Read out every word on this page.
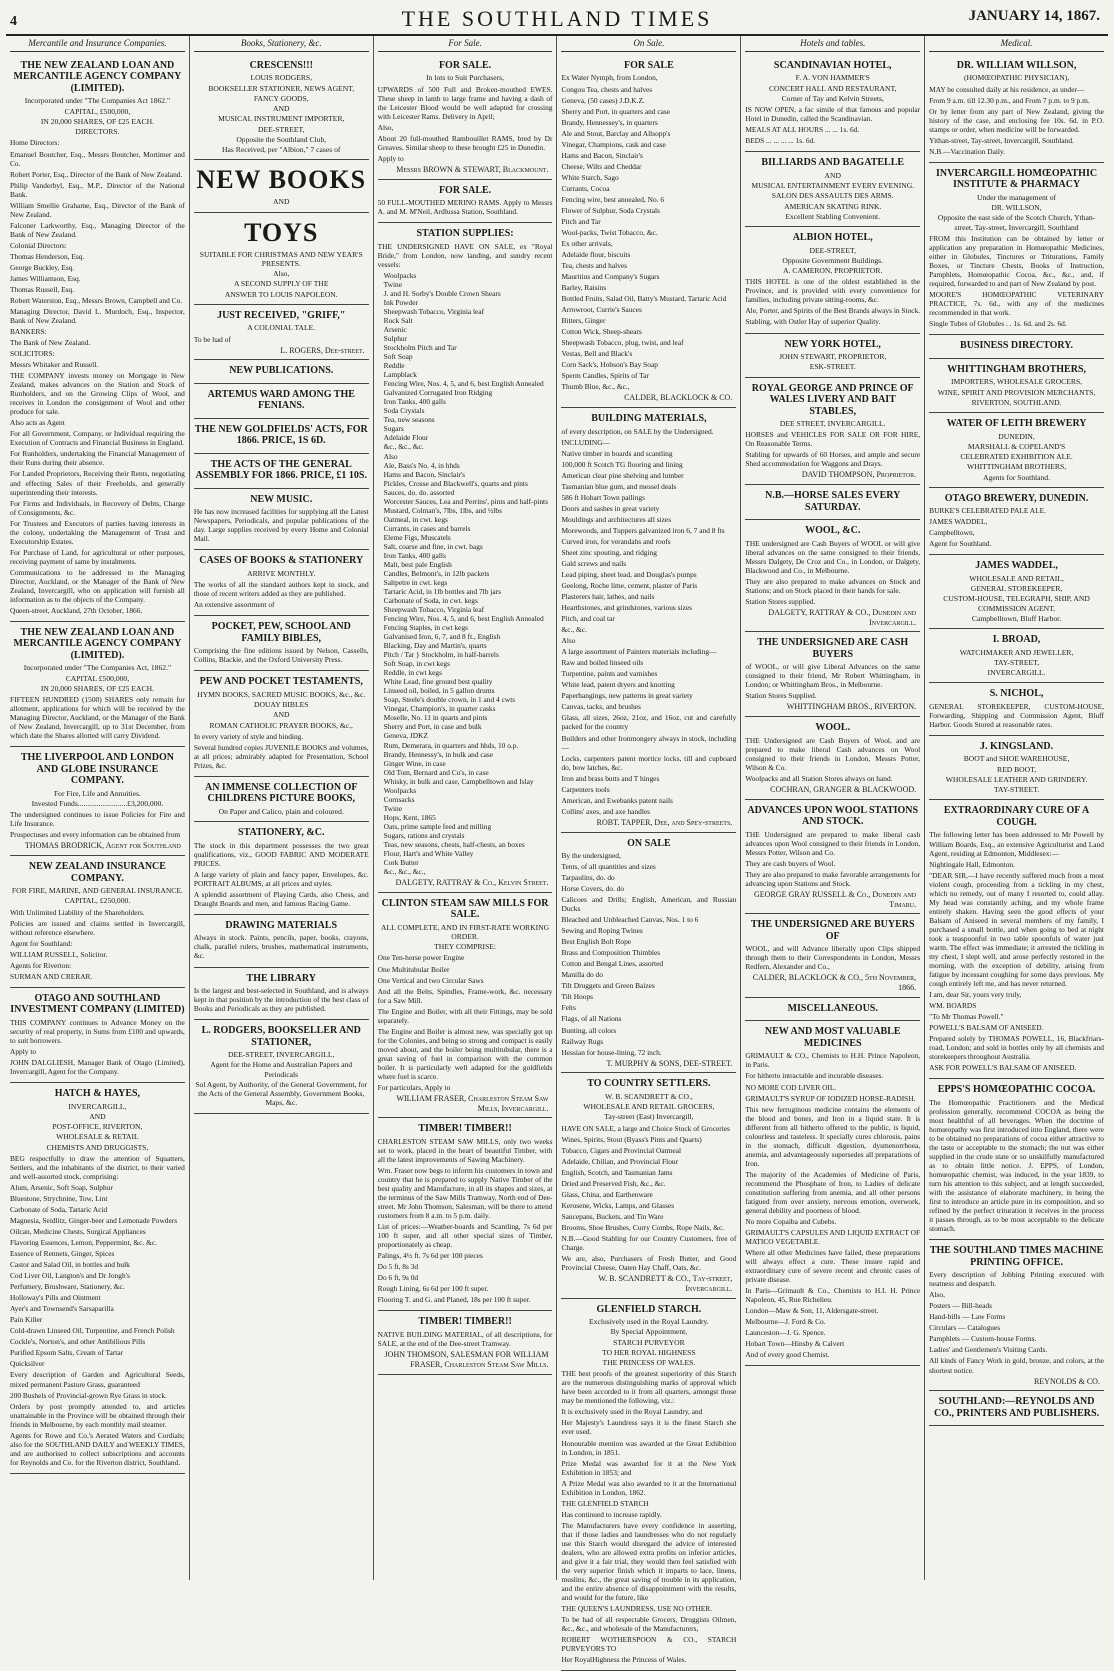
4	THE SOUTHLAND TIMES	JANUARY 14, 1867.
Mercantile and Insurance Companies.
THE NEW ZEALAND LOAN AND MERCANTILE AGENCY COMPANY (LIMITED).
Incorporated under "The Companies Act 1862."
CAPITAL, £500,000,
IN 20,000 SHARES, OF £25 EACH.
DIRECTORS.

Home Directors:

Emanuel Boutcher, Esq., Messrs Boutcher, Mortimer and Co.

Robert Porter, Esq., Director of the Bank of New Zealand.

Philip Vanderbyl, Esq., M.P., Director of the National Bank.

William Smellie Grahame, Esq., Director of the Bank of New Zealand.

Falconer Larkworthy, Esq., Managing Director of the Bank of New Zealand.

Colonial Directors:

Thomas Henderson, Esq.

George Buckley, Esq.

James Williamson, Esq.

Thomas Russell, Esq.

Robert Waterston, Esq., Messrs Brown, Campbell and Co.

Managing Director, David L. Murdoch, Esq., Inspector, Bank of New Zealand.

BANKERS:

The Bank of New Zealand.

SOLICITORS:

Messrs Whitaker and Russell.

THE COMPANY invests money on Mortgage in New Zealand, makes advances on the Station and Stock of Runholders, and on the Growing Clips of Wool, and receives in London the consignment of Wool and other produce for sale.

Also acts as Agent

For all Government, Company, or Individual requiring the Execution of Contracts and Financial Business in England.

For Runholders, undertaking the Financial Management of their Runs during their absence.

For Landed Proprietors, Receiving their Rents, negotiating and effecting Sales of their Freeholds, and generally superintending their interests.

For Firms and Individuals, in Recovery of Debts, Charge of Consignments, &c.

For Trustees and Executors of parties having interests in the colony, undertaking the Management of Trust and Executorship Estates.

For Purchase of Land, for agricultural or other purposes, receiving payment of same by instalments.

Communications to be addressed to the Managing Director, Auckland, or the Manager of the Bank of New Zealand, Invercargill, who on application will furnish all information as to the objects of the Company.

Queen-street, Auckland, 27th October, 1866.

THE NEW ZEALAND LOAN AND MERCANTILE AGENCY COMPANY (LIMITED).
Incorporated under "The Companies Act, 1862."
CAPITAL £500,000,
IN 20,000 SHARES, OF £25 EACH.

FIFTEEN HUNDRED (1500) SHARES only remain for allotment, applications for which will be received by the Managing Director, Auckland, or the Manager of the Bank of New Zealand, Invercargill, up to 31st December, from which date the Shares allotted will carry Dividend.

THE LIVERPOOL AND LONDON AND GLOBE INSURANCE COMPANY.
For Fire, Life and Annuities.
Invested Funds..........................£3,200,000.

The undersigned continues to issue Policies for Fire and Life Insurance.

Prospectuses and every information can be obtained from

THOMAS BRODRICK, Agent for Southland
NEW ZEALAND INSURANCE COMPANY.
FOR FIRE, MARINE, AND GENERAL INSURANCE.
CAPITAL, £250,000.

With Unlimited Liability of the Shareholders.

Policies are issued and claims settled in Invercargill, without reference elsewhere.

Agent for Southland:

WILLIAM RUSSELL, Solicitor.

Agents for Riverton:

SURMAN AND CRERAR.

OTAGO AND SOUTHLAND INVESTMENT COMPANY (LIMITED)

THIS COMPANY continues to Advance Money on the security of real property, in Sums from £100 and upwards, to suit borrowers.

Apply to

JOHN DALGLIESH, Manager Bank of Otago (Limited), Invercargill, Agent for the Company.

HATCH & HAYES,
INVERCARGILL,
AND
POST-OFFICE, RIVERTON,
WHOLESALE & RETAIL
CHEMISTS AND DRUGGISTS,

BEG respectfully to draw the attention of Squatters, Settlers, and the inhabitants of the district, to their varied and well-assorted stock, comprising:

Alum, Arsenic, Soft Soap, Sulphur

Bluestone, Strychnine, Tow, Lint

Carbonate of Soda, Tartaric Acid

Magnesia, Seidlitz, Ginger-beer and Lemonade Powders

Oilcan, Medicine Chests, Surgical Appliances

Flavoring Essences, Lemon, Peppermint, &c. &c.

Essence of Rennets, Ginger, Spices

Castor and Salad Oil, in bottles and bulk

Cod Liver Oil, Langton's and Dr Jongh's

Perfumery, Brushware, Stationery, &c.

Holloway's Pills and Ointment

Ayer's and Townsend's Sarsaparilla

Pain Killer

Cold-drawn Linseed Oil, Turpentine, and French Polish

Cockle's, Norton's, and other Antibilious Pills

Purified Epsom Salts, Cream of Tartar

Quicksilver

Every description of Garden and Agricultural Seeds, mixed permanent Pasture Grass, guaranteed

200 Bushels of Provincial-grown Rye Grass in stock.

Orders by post promptly attended to, and articles unattainable in the Province will be obtained through their friends in Melbourne, by each monthly mail steamer.

Agents for Rowe and Co.'s Aerated Waters and Cordials; also for the SOUTHLAND DAILY and WEEKLY TIMES, and are authorised to collect subscriptions and accounts for Reynolds and Co. for the Riverton district, Southland.

Books, Stationery, &c.
CRESCENS!!!
LOUIS RODGERS,
BOOKSELLER STATIONER, NEWS AGENT,
FANCY GOODS,
AND
MUSICAL INSTRUMENT IMPORTER,
DEE-STREET,
Opposite the Southland Club,
Has Received, per "Albion," 7 cases of
NEW BOOKS
AND
TOYS
SUITABLE FOR CHRISTMAS AND NEW YEAR'S PRESENTS.
Also,
A SECOND SUPPLY OF THE
ANSWER TO LOUIS NAPOLEON.
JUST RECEIVED, "GRIFF,"
A COLONIAL TALE.

To be had of

L. ROGERS, Dee-street.
NEW PUBLICATIONS.
ARTEMUS WARD AMONG THE FENIANS.
THE NEW GOLDFIELDS' ACTS, FOR 1866. PRICE, 1S 6D.
THE ACTS OF THE GENERAL ASSEMBLY FOR 1866. PRICE, £1 10S.
NEW MUSIC.

He has now increased facilities for supplying all the Latest Newspapers, Periodicals, and popular publications of the day. Large supplies received by every Home and Colonial Mail.

CASES OF BOOKS & STATIONERY
ARRIVE MONTHLY.

The works of all the standard authors kept in stock, and those of recent writers added as they are published.

An extensive assortment of

POCKET, PEW, SCHOOL AND FAMILY BIBLES,

Comprising the fine editions issued by Nelson, Cassells, Collins, Blackie, and the Oxford University Press.

PEW AND POCKET TESTAMENTS,
HYMN BOOKS, SACRED MUSIC BOOKS, &c., &c.
DOUAY BIBLES
AND
ROMAN CATHOLIC PRAYER BOOKS, &c.,

In every variety of style and binding.

Several hundred copies JUVENILE BOOKS and volumes, at all prices; admirably adapted for Presentation, School Prizes, &c.

AN IMMENSE COLLECTION OF CHILDRENS PICTURE BOOKS,
On Paper and Calico, plain and coloured.
STATIONERY, &C.

The stock in this department possesses the two great qualifications, viz., GOOD FABRIC AND MODERATE PRICES.

A large variety of plain and fancy paper, Envelopes, &c. PORTRAIT ALBUMS, at all prices and styles.

A splendid assortment of Playing Cards, also Chess, and Draught Boards and men, and famous Racing Game.

DRAWING MATERIALS

Always in stock. Paints, pencils, paper, books, crayons, chalk, parallel rulers, brushes, mathematical instruments, &c.

THE LIBRARY

Is the largest and best-selected in Southland, and is always kept in that position by the introduction of the best class of Books and Periodicals as they are published.

L. RODGERS, BOOKSELLER AND STATIONER,
DEE-STREET, INVERCARGILL,
Agent for the Home and Australian Papers and Periodicals
Sol Agent, by Authority, of the General Government, for the Acts of the General Assembly, Government Books, Maps, &c.
For Sale.
FOR SALE.
In lots to Suit Purchasers,

UPWARDS of 500 Full and Broken-mouthed EWES. These sheep in lamb to large frame and having a dash of the Leicester Blood would be well adapted for crossing with Leicester Rams. Delivery in April;

Also,

About 20 full-mouthed Rambouillet RAMS, bred by Dr Greaves. Similar sheep to these brought £25 in Dunedin.

Apply to

Messrs BROWN & STEWART, Blackmount.
FOR SALE.

50 FULL-MOUTHED MERINO RAMS. Apply to Messrs A. and M. M'Neil, Ardlussa Station, Southland.

STATION SUPPLIES:

THE UNDERSIGNED HAVE ON SALE, ex "Royal Bride," from London, now landing, and sundry recent vessels:

Woolpacks
Twine
J. and H. Sorby's Double Crown Shears
Ink Powder
Sheepwash Tobacco, Virginia leaf
Rock Salt
Arsenic
Sulphur
Stockholm Pitch and Tar
Soft Soap
Reddle
Lampblack
Fencing Wire, Nos. 4, 5, and 6, best English Annealed
Galvanized Corrugated Iron Ridging
Iron Tanks, 400 galls
Soda Crystals
Tea, new seasons
Sugars
Adelaide Flour
&c., &c., &c.
Also
Ale, Bass's No. 4, in hhds
Hams and Bacon, Sinclair's
Pickles, Crosse and Blackwell's, quarts and pints
Sauces, do. do. assorted
Worcester Sauces, Lea and Perrins', pints and half-pints
Mustard, Colman's, 7lbs, 1lbs, and ½lbs
Oatmeal, in cwt. kegs
Currants, in cases and barrels
Eleme Figs, Muscatels
Salt, coarse and fine, in cwt. bags
Iron Tanks, 400 galls
Malt, best pale English
Candles, Belmont's, in 12lb packets
Saltpetre in cwt. kegs
Tartaric Acid, in 1lb bottles and 7lb jars
Carbonate of Soda, in cwt. kegs
Sheepwash Tobacco, Virginia leaf
Fencing Wire, Nos. 4, 5, and 6, best English Annealed
Fencing Staples, in cwt kegs
Galvanised Iron, 6, 7, and 8 ft., English
Blacking, Day and Martin's, quarts
Pitch / Tar } Stockholm, in half-barrels
Soft Soap, in cwt kegs
Reddle, in cwt kegs
White Lead, fine ground best quality
Linseed oil, boiled, in 5 gallon drums
Soap, Steele's double crown, in 1 and 4 cwts
Vinegar, Champion's, in quarter casks
Moselle, No. 11 in quarts and pints
Sherry and Port, in case and bulk
Geneva, JDKZ
Rum, Demerara, in quarters and hhds, 10 o.p.
Brandy, Hennessy's, in bulk and case
Ginger Wine, in case
Old Tom, Bernard and Co's, in case
Whisky, in bulk and case, Campbelltown and Islay
Woolpacks
Cornsacks
Twine
Hops, Kent, 1865
Oats, prime sample feed and milling
Sugars, rations and crystals
Teas, new seasons, chests, half-chests, an boxes
Flour, Hart's and White Valley
Cork Butter
&c., &c., &c.,
DALGETY, RATTRAY & Co., Kelvin Street.
CLINTON STEAM SAW MILLS FOR SALE.
ALL COMPLETE, AND IN FIRST-RATE WORKING ORDER.
THEY COMPRISE:

One Ten-horse power Engine

One Multitubular Boiler

One Vertical and two Circular Saws

And all the Belts, Spindles, Frame-work, &c. necessary for a Saw Mill.

The Engine and Boiler, with all their Fittings, may be sold separately.

The Engine and Boiler is almost new, was specially got up for the Colonies, and being so strong and compact is easily moved about, and the boiler being multitubular, there is a great saving of fuel in comparison with the common boiler. It is particularly well adapted for the goldfields where fuel is scarce.

For particulars, Apply to

WILLIAM FRASER, Charleston Steam Saw Mills, Invercargill.
TIMBER! TIMBER!!

CHARLESTON STEAM SAW MILLS, only two weeks set to work, placed in the heart of beautiful Timber, with all the latest improvements of Sawing Machinery.

Wm. Fraser now begs to inform his customers in town and country that he is prepared to supply Native Timber of the best quality and Manufacture, in all its shapes and sizes, at the terminus of the Saw Mills Tramway, North end of Dee-street. Mr John Thomson, Salesman, will be there to attend customers from 8 a.m. to 5 p.m. daily.

List of prices:—Weather-boards and Scantling, 7s 6d per 100 ft super, and all other special sizes of Timber, proportionately as cheap.

Palings, 4½ ft. 7s 6d per 100 pieces

Do 5 ft, 8s 3d

Do 6 ft, 9s 0d

Rough Lining, 6s 6d per 100 ft super.

Flooring T. and G. and Planed, 18s per 100 ft super.

TIMBER! TIMBER!!

NATIVE BUILDING MATERIAL, of all descriptions, for SALE, at the end of the Dee-street Tramway.

JOHN THOMSON, SALESMAN FOR WILLIAM FRASER, Charleston Steam Saw Mills.
On Sale.
FOR SALE

Ex Water Nymph, from London,

Congou Tea, chests and halves

Geneva, (50 cases) J.D.K.Z.

Sherry and Port, in quarters and case

Brandy, Hennessey's, in quarters

Ale and Stout, Barclay and Allsopp's

Vinegar, Champions, cask and case

Hams and Bacon, Sinclair's

Cheese, Wilts and Cheddar

White Starch, Sago

Currants, Cocoa

Fencing wire, best annealed, No. 6

Flower of Sulphur, Soda Crystals

Pitch and Tar

Wool-packs, Twist Tobacco, &c.

Ex other arrivals,

Adelaide flour, biscuits

Tea, chests and halves

Mauritius and Company's Sugars

Barley, Raisins

Bottled Fruits, Salad Oil, Batty's Mustard, Tartaric Acid

Arrowroot, Currie's Sauces

Bitters, Ginger

Cotton Wick, Sheep-shears

Sheepwash Tobacco, plug, twist, and leaf

Vestas, Bell and Black's

Corn Sack's, Hobson's Bay Soap

Sperm Candles, Spirits of Tar

Thumb Blue, &c., &c.,

CALDER, BLACKLOCK & CO.
BUILDING MATERIALS,

of every description, on SALE by the Undersigned.

INCLUDING—

Native timber in boards and scantling

100,000 ft Scotch TG flooring and lining

American clear pine shelving and lumber

Tasmanian blue gum, and messel deals

586 ft Hobart Town pailings

Doors and sashes in great variety

Mouldings and architectures all sizes

Morewoods, and Tuppers galvanized iron 6, 7 and 8 fts

Curved iron, for verandahs and roofs

Sheet zinc spouting, and ridging

Gald screws and nails

Lead piping, sheet lead, and Douglas's pumps

Geelong, Roche lime, cement, plaster of Paris

Plasterers hair, lathes, and nails

Hearthstones, and grindstones, various sizes

Pitch, and coal tar

&c., &c.

Also

A large assortment of Painters materials including—

Raw and boiled linseed oils

Turpentine, paints and varnishes

White lead, patent dryers and knotting

Paperhangings, new patterns in great variety

Canvas, tacks, and brushes

Glass, all sizes, 26oz, 21oz, and 16oz, cut and carefully packed for the country

Builders and other Ironmongery always in stock, including—

Locks, carpenters patent mortice locks, till and cupboard do, bow latches, &c.

Iron and brass butts and T hinges

Carpenters tools

American, and Ewebanks patent nails

Collins' axes, and axe handles

ROBT. TAPPER, Dee, and Spey-streets.
ON SALE

By the undersigned,

Tents, of all quantities and sizes

Tarpaulins, do. do

Horse Covers, do. do

Calicoes and Drills; English, American, and Russian Ducks

Bleached and Unbleached Canvas, Nos. 1 to 6

Sewing and Roping Twines

Best English Bolt Rope

Brass and Composition Thimbles

Cotton and Bengal Lines, assorted

Manilla do do

Tilt Druggets and Green Baizes

Tilt Hoops

Felts

Flags, of all Nations

Bunting, all colors

Railway Rugs

Hessian for house-lining, 72 inch.

T. MURPHY & SONS, DEE-STREET.
TO COUNTRY SETTLERS.
W. B. SCANDRETT & CO.,
WHOLESALE AND RETAIL GROCERS,
Tay-street (East) Invercargill,

HAVE ON SALE, a large and Choice Stock of Groceries

Wines, Spirits, Stout (Byass's Pints and Quarts)

Tobacco, Cigars and Provincial Oatmeal

Adelaide, Chilian, and Provincial Flour

English, Scotch, and Tasmanian Jams

Dried and Preserved Fish, &c., &c.

Glass, China, and Earthenware

Kerosene, Wicks, Lamps, and Glasses

Saucepans, Buckets, and Tin Ware

Brooms, Shoe Brushes, Curry Combs, Rope Nails, &c.

N.B.—Good Stabling for our Country Customers, free of Charge.

We are, also, Purchasers of Fresh Butter, and Good Provincial Cheese, Oaten Hay Chaff, Oats, &c.

W. B. SCANDRETT & CO., Tay-street, Invercargill.
GLENFIELD STARCH.
Exclusively used in the Royal Laundry.
By Special Appointment,
STARCH PURVEYOR
TO HER ROYAL HIGHNESS
THE PRINCESS OF WALES.

THE best proofs of the greatest superiority of this Starch are the numerous distinguishing marks of approval which have been accorded to it from all quarters, amongst those may be mentioned the following, viz.:

It is exclusively used in the Royal Laundry, and

Her Majesty's Laundress says it is the finest Starch she ever used.

Honourable mention was awarded at the Great Exhibition in London, in 1851.

Prize Medal was awarded for it at the New York Exhibition in 1853; and

A Prize Medal was also awarded to it at the International Exhibition in London, 1862.

THE GLENFIELD STARCH

Has continued to increase rapidly.

The Manufacturers have every confidence in asserting, that if those ladies and laundresses who do not regularly use this Starch would disregard the advice of interested dealers, who are allowed extra profits on inferior articles, and give it a fair trial, they would then feel satisfied with the very superior finish which it imparts to lace, linens, muslins, &c., the great saving of trouble in its application, and the entire absence of disappointment with the results, and would for the future, like

THE QUEEN'S LAUNDRESS, USE NO OTHER.

To be had of all respectable Grocers, Druggists Oilmen, &c., &c., and wholesale of the Manufacturers,

ROBERT WOTHERSPOON & CO., STARCH PURVEYORS TO

Her RoyalHighness the Princess of Wales.

Hotels and tables.
SCANDINAVIAN HOTEL,
F. A. VON HAMMER'S
CONCERT HALL AND RESTAURANT,
Corner of Tay and Kelvin Streets,

IS NOW OPEN, a fac simile of that famous and popular Hotel in Dunedin, called the Scandinavian.

MEALS AT ALL HOURS ... ... 1s. 6d.

BEDS ... ... ... ... 1s. 6d.

BILLIARDS AND BAGATELLE
AND
MUSICAL ENTERTAINMENT EVERY EVENING.
SALON DES ASSAULTS DES ARMS.
AMERICAN SKATING RINK.
Excellent Stabling Convenient.
ALBION HOTEL,
DEE-STREET,
Opposite Government Buildings.
A. CAMERON, PROPRIETOR.

THIS HOTEL is one of the oldest established in the Province, and is provided with every convenience for families, including private sitting-rooms, &c.

Ale, Porter, and Spirits of the Best Brands always in Stock.

Stabling, with Ostler Hay of superior Quality.

NEW YORK HOTEL,
JOHN STEWART, PROPRIETOR,
ESK-STREET.
ROYAL GEORGE AND PRINCE OF WALES LIVERY AND BAIT STABLES,
DEE STREET, INVERCARGILL.

HORSES and VEHICLES FOR SALE OR FOR HIRE, On Reasonable Terms.

Stabling for upwards of 60 Horses, and ample and secure Shed accommodation for Waggons and Drays.

DAVID THOMPSON, Proprietor.
N.B.—HORSE SALES EVERY SATURDAY.
WOOL, &C.

THE undersigned are Cash Buyers of WOOL or will give liberal advances on the same consigned to their friends, Messrs Dalgety, De Croz and Co., in London, or Dalgety, Blackwood and Co., in Melbourne.

They are also prepared to make advances on Stock and Stations; and on Stock placed in their hands for sale.

Station Stores supplied.

DALGETY, RATTRAY & CO., Dunedin and Invercargill.
THE UNDERSIGNED ARE CASH BUYERS

of WOOL, or will give Liberal Advances on the same consigned to their friend, Mr Robert Whittingham, in London; or Whittingham Bros., in Melbourne.

Station Stores Supplied.

WHITTINGHAM BROS., RIVERTON.
WOOL.

THE Undersigned are Cash Buyers of Wool, and are prepared to make liberal Cash advances on Wool consigned to their friends in London, Messrs Potter, Wilson & Co.

Woolpacks and all Station Stores always on hand.

COCHRAN, GRANGER & BLACKWOOD.
ADVANCES UPON WOOL STATIONS AND STOCK.

THE Undersigned are prepared to make liberal cash advances upon Wool consigned to their friends in London, Messrs Potter, Wilson and Co.

They are cash buyers of Wool.

They are also prepared to make favorable arrangements for advancing upon Stations and Stock.

GEORGE GRAY RUSSELL & Co., Dunedin and Timaru.
THE UNDERSIGNED ARE BUYERS OF

WOOL, and will Advance liberally upon Clips shipped through them to their Correspondents in London, Messrs Redfern, Alexander and Co.,

CALDER, BLACKLOCK & CO., 5th November, 1866.
MISCELLANEOUS.
NEW AND MOST VALUABLE MEDICINES

GRIMAULT & CO., Chemists to H.H. Prince Napoleon, in Paris.

For hitherto intractable and incurable diseases.

NO MORE COD LIVER OIL.

GRIMAULT'S SYRUP OF IODIZED HORSE-RADISH.

This new ferruginous medicine contains the elements of the blood and bones, and Iron in a liquid state. It is different from all hitherto offered to the public, is liquid, colourless and tasteless. It specially cures chlorosis, pains in the stomach, difficult digestion, dysmenorrhoea, anemia, and advantageously supersedes all preparations of Iron.

The majority of the Academies of Medicine of Paris, recommend the Phosphate of Iron, to Ladies of delicate constitution suffering from anemia, and all other persons fatigued from over anxiety, nervous emotion, overwork, general debility and poorness of blood.

No more Copaiba and Cubebs.

GRIMAULT'S CAPSULES AND LIQUID EXTRACT OF MATICO VEGETABLE.

Where all other Medicines have failed, these preparations will always effect a cure. These insure rapid and extraordinary cure of severe recent and chronic cases of private disease.

In Paris—Grimault & Co., Chemists to H.I. H. Prince Napoleon, 45, Rue Richelieu.

London—Maw & Son, 11, Aldersgate-street.

Melbourne—J. Ford & Co.

Launceston—J. G. Spence.

Hobart Town—Hinsby & Calvert

And of every good Chemist.

Medical.
DR. WILLIAM WILLSON,
(HOMŒOPATHIC PHYSICIAN),

MAY be consulted daily at his residence, as under—

From 9 a.m. till 12.30 p.m., and From 7 p.m. to 9 p.m.

Or by letter from any part of New Zealand, giving the history of the case, and enclosing fee 10s. 6d. in P.O. stamps or order, when medicine will be forwarded.

Yithan-street, Tay-street, Invercargill, Southland.

N.B.—Vaccination Daily.

INVERCARGILL HOMŒOPATHIC INSTITUTE & PHARMACY
Under the management of
DR. WILLSON,
Opposite the east side of the Scotch Church, Ythan-street, Tay-street, Invercargill, Southland

FROM this Institution can be obtained by letter or application any preparation in Homœopathic Medicines, either in Globules, Tinctures or Triturations, Family Boxes, or Tincture Chests, Books of Instruction, Pamphlets, Homœopathic Cocoa, &c., &c., and, if required, forwarded to and part of New Zealand by post.

MOORE'S HOMŒOPATHIC VETERINARY PRACTICE, 7s. 6d., with any of the medicines recommended in that work.

Single Tubes of Globules . . 1s. 6d. and 2s. 6d.

BUSINESS DIRECTORY.
WHITTINGHAM BROTHERS,
IMPORTERS, WHOLESALE GROCERS,
WINE, SPIRIT AND PROVISION MERCHANTS,
RIVERTON, SOUTHLAND.
WATER OF LEITH BREWERY
DUNEDIN,
MARSHALL & COPELAND'S
CELEBRATED EXHIBITION ALE.
WHITTINGHAM BROTHERS,
Agents for Southland.
OTAGO BREWERY, DUNEDIN.

BURKE'S CELEBRATED PALE ALE.

JAMES WADDEL,

Campbelltown,

Agent for Southland.

JAMES WADDEL,
WHOLESALE AND RETAIL,
GENERAL STOREKEEPER,
CUSTOM-HOUSE, TELEGRAPH, SHIP, AND COMMISSION AGENT,
Campbelltown, Bluff Harbor.
I. BROAD,
WATCHMAKER AND JEWELLER,
TAY-STREET,
INVERCARGILL.
S. NICHOL,

GENERAL STOREKEEPER, CUSTOM-HOUSE, Forwarding, Shipping and Commission Agent, Bluff Harbor. Goods Stored at reasonable rates.

J. KINGSLAND.
BOOT and SHOE WAREHOUSE,
RED BOOT,
WHOLESALE LEATHER AND GRINDERY.
TAY-STREET.
EXTRAORDINARY CURE OF A COUGH.

The following letter has been addressed to Mr Powell by William Boards, Esq., an extensive Agriculturist and Land Agent, residing at Edmonton, Middlesex:—

Nightingale Hall, Edmonton.

"DEAR SIR,—I have recently suffered much from a most violent cough, proceeding from a tickling in my chest, which no remedy, out of many I resorted to, could allay. My head was constantly aching, and my whole frame entirely shaken. Having seen the good effects of your Balsam of Aniseed in several members of my family, I purchased a small bottle, and when going to bed at night took a teaspoonful in two table spoonfuls of water just warm. The effect was immediate; it arrested the tickling in my chest, I slept well, and arose perfectly restored in the morning, with the exception of debility, arising from fatigue by incessant coughing for some days previous. My cough entirely left me, and has never returned.

I am, dear Sir, yours very truly,

WM. BOARDS

"To Mr Thomas Powell."

POWELL'S BALSAM OF ANISEED.

Prepared solely by THOMAS POWELL, 16, Blackfriars-road, London; and sold in bottles only by all chemists and storekeepers throughout Australia.

ASK FOR POWELL'S BALSAM OF ANISEED.

EPPS'S HOMŒOPATHIC COCOA.

The Homœopathic Practitioners and the Medical profession generally, recommend COCOA as being the most healthful of all beverages. When the doctrine of homœopathy was first introduced into England, there were to be obtained no preparations of cocoa either attractive to the taste or acceptable to the stomach; the nut was either supplied in the crude state or so unskilfully manufactured as to obtain little notice. J. EPPS, of London, homœopathic chemist, was induced, in the year 1839, to turn his attention to this subject, and at length succeeded, with the assistance of elaborate machinery, in being the first to introduce an article pure in its composition, and so refined by the perfect trituration it receives in the process it passes through, as to be most acceptable to the delicate stomach.

THE SOUTHLAND TIMES MACHINE PRINTING OFFICE.

Every description of Jobbing Printing executed with neatness and despatch.

Also,

Posters — Bill-heads

Hand-bills — Law Forms

Circulars — Catalogues

Pamphlets — Custom-house Forms.

Ladies' and Gentlemen's Visiting Cards.

All kinds of Fancy Work in gold, bronze, and colors, at the shortest notice.

REYNOLDS & CO.
SOUTHLAND:—REYNOLDS AND CO., PRINTERS AND PUBLISHERS.
